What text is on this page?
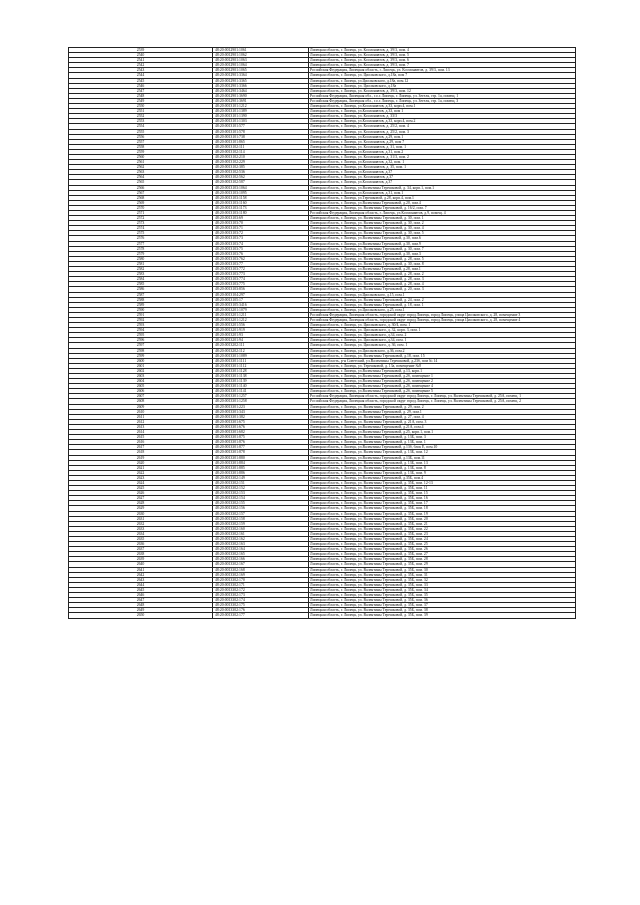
2539	48:20:0012901:1061	Липецкая область, г. Липецк, ул. Космонавтов, д. 39/3, пом. 4
2540	48:20:0012901:1062	Липецкая область, г. Липецк, ул. Космонавтов, д. 39/3, пом. 5
2541	48:20:0012901:1063	Липецкая область, г. Липецк, ул. Космонавтов, д. 39/3, пом. 6
2542	48:20:0012901:1064	Липецкая область, г. Липецк, ул. Космонавтов, д. 39/3, пом. 7
2543	48:20:0012901:1065	Российская Федерация, Липецкая область, г. Липецк, ул. Космонавтов, д. 39/3, пом. 13
2544	48:20:0012901:3364	Липецкая область, г. Липецк, ул. Циолковского, д.18а, пом 7
2545	48:20:0012901:3365	Липецкая область, г. Липецк, ул.Циолковского, д.18а, пом.12
2546	48:20:0012901:3366	Липецкая область, г. Липецк, ул. Циолковского, д.18а
2547	48:20:0012901:3464	Липецкая область, г. Липецк, ул. Космонавтов, д. 39/3, пом. 12
2548	48:20:0012901:3690	Российская Федерация, Липецкая обл., г.о.г. Липецк, г. Липецк, ул. Зегеля, стр. 1а, помещ. 1
2549	48:20:0012901:3691	Российская Федерация, Липецкая обл., г.о.г. Липецк, г. Липецк, ул. Зегеля, стр. 1а, помещ. 3
2550	48:20:0013101:1212	Липецкая область, г. Липецк, ул.Космонавтов, д.33, корп.4, пом.1
2551	48:20:0013101:1389	Липецкая область, г. Липецк, ул.Космонавтов, д.33, пом 1
2552	48:20:0013101:1390	Липецкая область, г. Липецк, ул. Космонавтов, д. 33/3
2553	48:20:0013101:1303	Липецкая область, г. Липецк, ул.Космонавтов, д.33, корп.4, пом.2
2554	48:20:0013101:577	Липецкая область, г. Липецк, ул. Космонавтов, д. 25/2, пом. 4
2555	48:20:0013101:578	Липецкая область, г. Липецк, ул. Космонавтов, д. 25/2, пом. 3
2556	48:20:0013101:738	Липецкая область, г. Липецк, ул.Космонавтов, д.29, пом.1
2557	48:20:0013101:865	Липецкая область, г. Липецк, ул. Космонавтов, д.29, пом 7
2558	48:20:0013102:111	Липецкая область, г. Липецк, ул. Космонавтов, д. 31, пом. 1
2559	48:20:0013102:114	Липецкая область, г. Липецк, ул.Космонавтов, д.31, пом.2
2560	48:20:0013102:210	Липецкая область, г. Липецк, ул. Космонавтов, д. 31/3, пом. 2
2561	48:20:0013102:229	Липецкая область, г. Липецк, ул.Космонавтов, д.32, пом. 1
2562	48:20:0013102:385	Липецкая область, г. Липецк, ул. Космонавтов, д. 35, пом. 1
2563	48:20:0013102:536	Липецкая область, г. Липецк, ул.Космонавтов, д.37
2564	48:20:0013102:562	Липецкая область, г. Липецк, ул. Космонавтов, д.37
2565	48:20:0013102:587	Липецкая область, г. Липецк, ул.Космонавтов, д.37
2566	48:20:0013103:1064	Липецкая область, г. Липецк, ул.Валентины Терешковой, д. 34, корп.1, пом.1
2567	48:20:0013103:1095	Липецкая область, г. Липецк, ул.Космонавтов, д.31, пом.1
2568	48:20:0013103:1158	Липецкая область, г. Липецк, ул.Терешковой, д.28, корп.4, пом.1
2569	48:20:0013103:1160	Липецкая область, г. Липецк, ул.Валентины Терешковой, д.20, пом.4
2570	48:20:0013103:1173	Липецкая область, г. Липецк, ул. Валентины Терешковой, д. 16/2, пом. 7
2571	48:20:0013103:1180	Российская Федерация, Липецкая область, г. Липецк, ул.Космонавтов, д.9, помещ. 4
2572	48:20:0013103:69	Липецкая область, г. Липецк, ул. Валентины Терешковой, д. 30, пом. 1
2573	48:20:0013103:70	Липецкая область, г. Липецк, ул. Валентины Терешковой, д. 30, пом. 2
2574	48:20:0013103:71	Липецкая область, г. Липецк, ул. Валентины Терешковой, д. 30, пом. 4
2575	48:20:0013103:72	Липецкая область, г. Липецк, ул. Валентины Терешковой, д. 30, пом. 5
2576	48:20:0013103:73	Липецкая область, г. Липецк, ул.Валентины Терешковой, д.30, пом.6
2577	48:20:0013103:74	Липецкая область, г. Липецк, ул.Валентины Терешковой, д.30, пом.9
2578	48:20:0013103:75	Липецкая область, г. Липецк, ул. Валентины Терешковой, д. 30, пом. 7
2579	48:20:0013103:76	Липецкая область, г. Липецк, ул.Валентины Терешковой, д.30, пом.3
2580	48:20:0013103:762	Липецкая область, г. Липецк, ул. Валентины Терешковой, д. 28, пом. 5
2581	48:20:0013103:77	Липецкая область, г. Липецк, ул. Валентины Терешковой, д. 30, пом. 8
2582	48:20:0013103:772	Липецкая область, г. Липецк, ул.Валентины Терешковой, д.28, пом.1
2583	48:20:0013103:773	Липецкая область, г. Липецк, ул. Валентины Терешковой, д. 28, пом. 2
2584	48:20:0013103:774	Липецкая область, г. Липецк, ул. Валентины Терешковой, д. 28, пом. 3
2585	48:20:0013103:775	Липецкая область, г. Липецк, ул. Валентины Терешковой, д. 28, пом. 4
2586	48:20:0013103:856	Липецкая область, г. Липецк, ул. Валентины Терешковой, д. 20, пом. 3
2587	48:20:0013104:297	Липецкая область, г. Липецк, ул.Циолковского, д.15, пом.1
2588	48:20:0013105:17	Липецкая область, г. Липецк, ул. Валентины Терешковой, д. 24, пом. 2
2589	48:20:0013105:3416	Липецкая область, г. Липецк, ул. Валентины Терешковой, д. 18, пом. 1
2590	48:20:0013201:1079	Липецкая область, г. Липецк, ул.Циолковского, д.25, пом.1
2591	48:20:0013201:1211	Российская Федерация, Липецкая область, городской округ город Липецк, город Липецк, улица Циолковского, д. 28, помещение 3
2592	48:20:0013201:1212	Российская Федерация, Липецкая область, городской округ город Липецк, город Липецк, улица Циолковского, д. 28, помещение 4
2593	48:20:0013201:556	Липецкая область, г. Липецк, ул. Циолковского, д. 30/4, пом. 1
2594	48:20:0013201:919	Липецкая область, г. Липецк, ул. Циолковского, д. 32, корп. 3, пом. 1
2595	48:20:0013201:93	Липецкая область, г. Липецк, ул. Циолковского, д.34, пом. 2
2596	48:20:0013201:94	Липецкая область, г. Липецк, ул. Циолковского, д.34, пом. 1
2597	48:20:0013202:111	Липецкая область, г. Липецк, ул. Циолковского, д. 36, пом. 1
2598	48:20:0013202:112	Липецкая область, г. Липецк, ул.Циолковского, д.36, пом.2
2599	48:20:0013301:1089	Липецкая область, г. Липецк, ул. Валентины Терешковой, д.18, пом. 15
2600	48:20:0013301:1111	Липецкая область, р-н Советский, ул.Валентины Терешковой, д.23б, пом № 14
2601	48:20:0013301:1112	Липецкая область, г. Липецк, ул. Терешковой, д. 13а, помещение №8
2602	48:20:0013301:1128	Липецкая область, г. Липецк, ул.Валентины Терешковой, д.13, корп.1
2603	48:20:0013301:1138	Липецкая область, г. Липецк, ул.Валентины Терешковой, д.2б, помещение 1
2604	48:20:0013301:1139	Липецкая область, г. Липецк, ул.Валентины Терешковой, д.2б, помещение 2
2605	48:20:0013301:1140	Липецкая область, г. Липецк, ул.Валентины Терешковой, д.2б, помещение 4
2606	48:20:0013301:1141	Липецкая область, г. Липецк, ул.Валентины Терешковой, д.2б, помещение 5
2607	48:20:0013301:1257	Российская Федерация, Липецкая область, городской округ город Липецк, г. Липецк, ул. Валентины Терешковой, д. 25А, помещ. 1
2608	48:20:0013301:1258	Российская Федерация, Липецкая область, городской округ город Липецк, г. Липецк, ул. Валентины Терешковой, д. 25А, помещ. 2
2609	48:20:0013301:223	Липецкая область, г. Липецк, ул. Валентины Терешковой, д. 29, пом. 2
2610	48:20:0013301:343	Липецкая область, г. Липецк, ул.Валентины Терешковой, д. 29, пом.1
2611	48:20:0013301:382	Липецкая область, г. Липецк, ул. Валентины Терешковой, д. 27, пом. 4
2612	48:20:0013301:675	Липецкая область, г. Липецк, ул. Валентины Терешковой, д. 21А, пом. 3
2613	48:20:0013301:676	Липецкая область, г. Липецк, ул.Валентины Терешковой, д.21А, пом.4
2614	48:20:0013301:682	Липецкая область, г. Липецк, ул.Валентины Терешковой, д.25, корп.1, пом.1
2615	48:20:0013301:875	Липецкая область, г. Липецк, ул. Валентины Терешковой, д. 13Б, пом. 3
2616	48:20:0013301:876	Липецкая область, г. Липецк, ул. Валентины Терешковой, д. 13Б, пом. 1
2617	48:20:0013301:877	Липецкая область, г. Липецк, ул.Валентины Терешковой, д.13б, блок Е, пом.10
2618	48:20:0013301:878	Липецкая область, г. Липецк, ул. Валентины Терешковой, д. 13Б, пом. 12
2619	48:20:0013301:880	Липецкая область, г. Липецк, ул.Валентины Терешковой, д.13Б, пом.11
2620	48:20:0013301:884	Липецкая область, г. Липецк, ул. Валентины Терешковой, д. 13Б, пом. 13
2621	48:20:0013301:885	Липецкая область, г. Липецк, ул. Валентины Терешковой, д. 13Б, пом. 8
2622	48:20:0013301:886	Липецкая область, г. Липецк, ул. Валентины Терешковой, д. 13Б, пом. 9
2623	48:20:0013302:149	Липецкая область, г. Липецк, ул.Валентины Терешковой, д.35Б, пом.4
2624	48:20:0013302:151	Липецкая область, г. Липецк, ул. Валентины Терешковой, д. 35Б, пом. 12-13
2625	48:20:0013302:152	Липецкая область, г. Липецк, ул. Валентины Терешковой, д. 35Б, пом. 11
2626	48:20:0013302:153	Липецкая область, г. Липецк, ул. Валентины Терешковой, д. 35Б, пом. 15
2627	48:20:0013302:154	Липецкая область, г. Липецк, ул. Валентины Терешковой, д. 35Б, пом. 16
2628	48:20:0013302:155	Липецкая область, г. Липецк, ул. Валентины Терешковой, д. 35Б, пом. 17
2629	48:20:0013302:156	Липецкая область, г. Липецк, ул. Валентины Терешковой, д. 35Б, пом. 18
2630	48:20:0013302:157	Липецкая область, г. Липецк, ул. Валентины Терешковой, д. 35Б, пом. 19
2631	48:20:0013302:158	Липецкая область, г. Липецк, ул. Валентины Терешковой, д. 35Б, пом. 20
2632	48:20:0013302:159	Липецкая область, г. Липецк, ул. Валентины Терешковой, д. 35Б, пом. 21
2633	48:20:0013302:160	Липецкая область, г. Липецк, ул. Валентины Терешковой, д. 35Б, пом. 22
2634	48:20:0013302:161	Липецкая область, г. Липецк, ул. Валентины Терешковой, д. 35Б, пом. 23
2635	48:20:0013302:162	Липецкая область, г. Липецк, ул. Валентины Терешковой, д. 35Б, пом. 24
2636	48:20:0013302:163	Липецкая область, г. Липецк, ул. Валентины Терешковой, д. 35Б, пом. 25
2637	48:20:0013302:164	Липецкая область, г. Липецк, ул. Валентины Терешковой, д. 35Б, пом. 26
2638	48:20:0013302:165	Липецкая область, г. Липецк, ул. Валентины Терешковой, д. 35Б, пом. 27
2639	48:20:0013302:166	Липецкая область, г. Липецк, ул. Валентины Терешковой, д. 35Б, пом. 28
2640	48:20:0013302:167	Липецкая область, г. Липецк, ул. Валентины Терешковой, д. 35Б, пом. 29
2641	48:20:0013302:168	Липецкая область, г. Липецк, ул. Валентины Терешковой, д. 35Б, пом. 30
2642	48:20:0013302:169	Липецкая область, г. Липецк, ул. Валентины Терешковой, д. 35Б, пом. 31
2643	48:20:0013302:170	Липецкая область, г. Липецк, ул. Валентины Терешковой, д. 35Б, пом. 32
2644	48:20:0013302:171	Липецкая область, г. Липецк, ул. Валентины Терешковой, д. 35Б, пом. 33
2645	48:20:0013302:172	Липецкая область, г. Липецк, ул. Валентины Терешковой, д. 35Б, пом. 34
2646	48:20:0013302:173	Липецкая область, г. Липецк, ул. Валентины Терешковой, д. 35Б, пом. 35
2647	48:20:0013302:174	Липецкая область, г. Липецк, ул. Валентины Терешковой, д. 35Б, пом. 36
2648	48:20:0013302:175	Липецкая область, г. Липецк, ул. Валентины Терешковой, д. 35Б, пом. 37
2649	48:20:0013302:176	Липецкая область, г. Липецк, ул. Валентины Терешковой, д. 35Б, пом. 38
2650	48:20:0013302:177	Липецкая область, г. Липецк, ул. Валентины Терешковой, д. 35Б, пом. 39
